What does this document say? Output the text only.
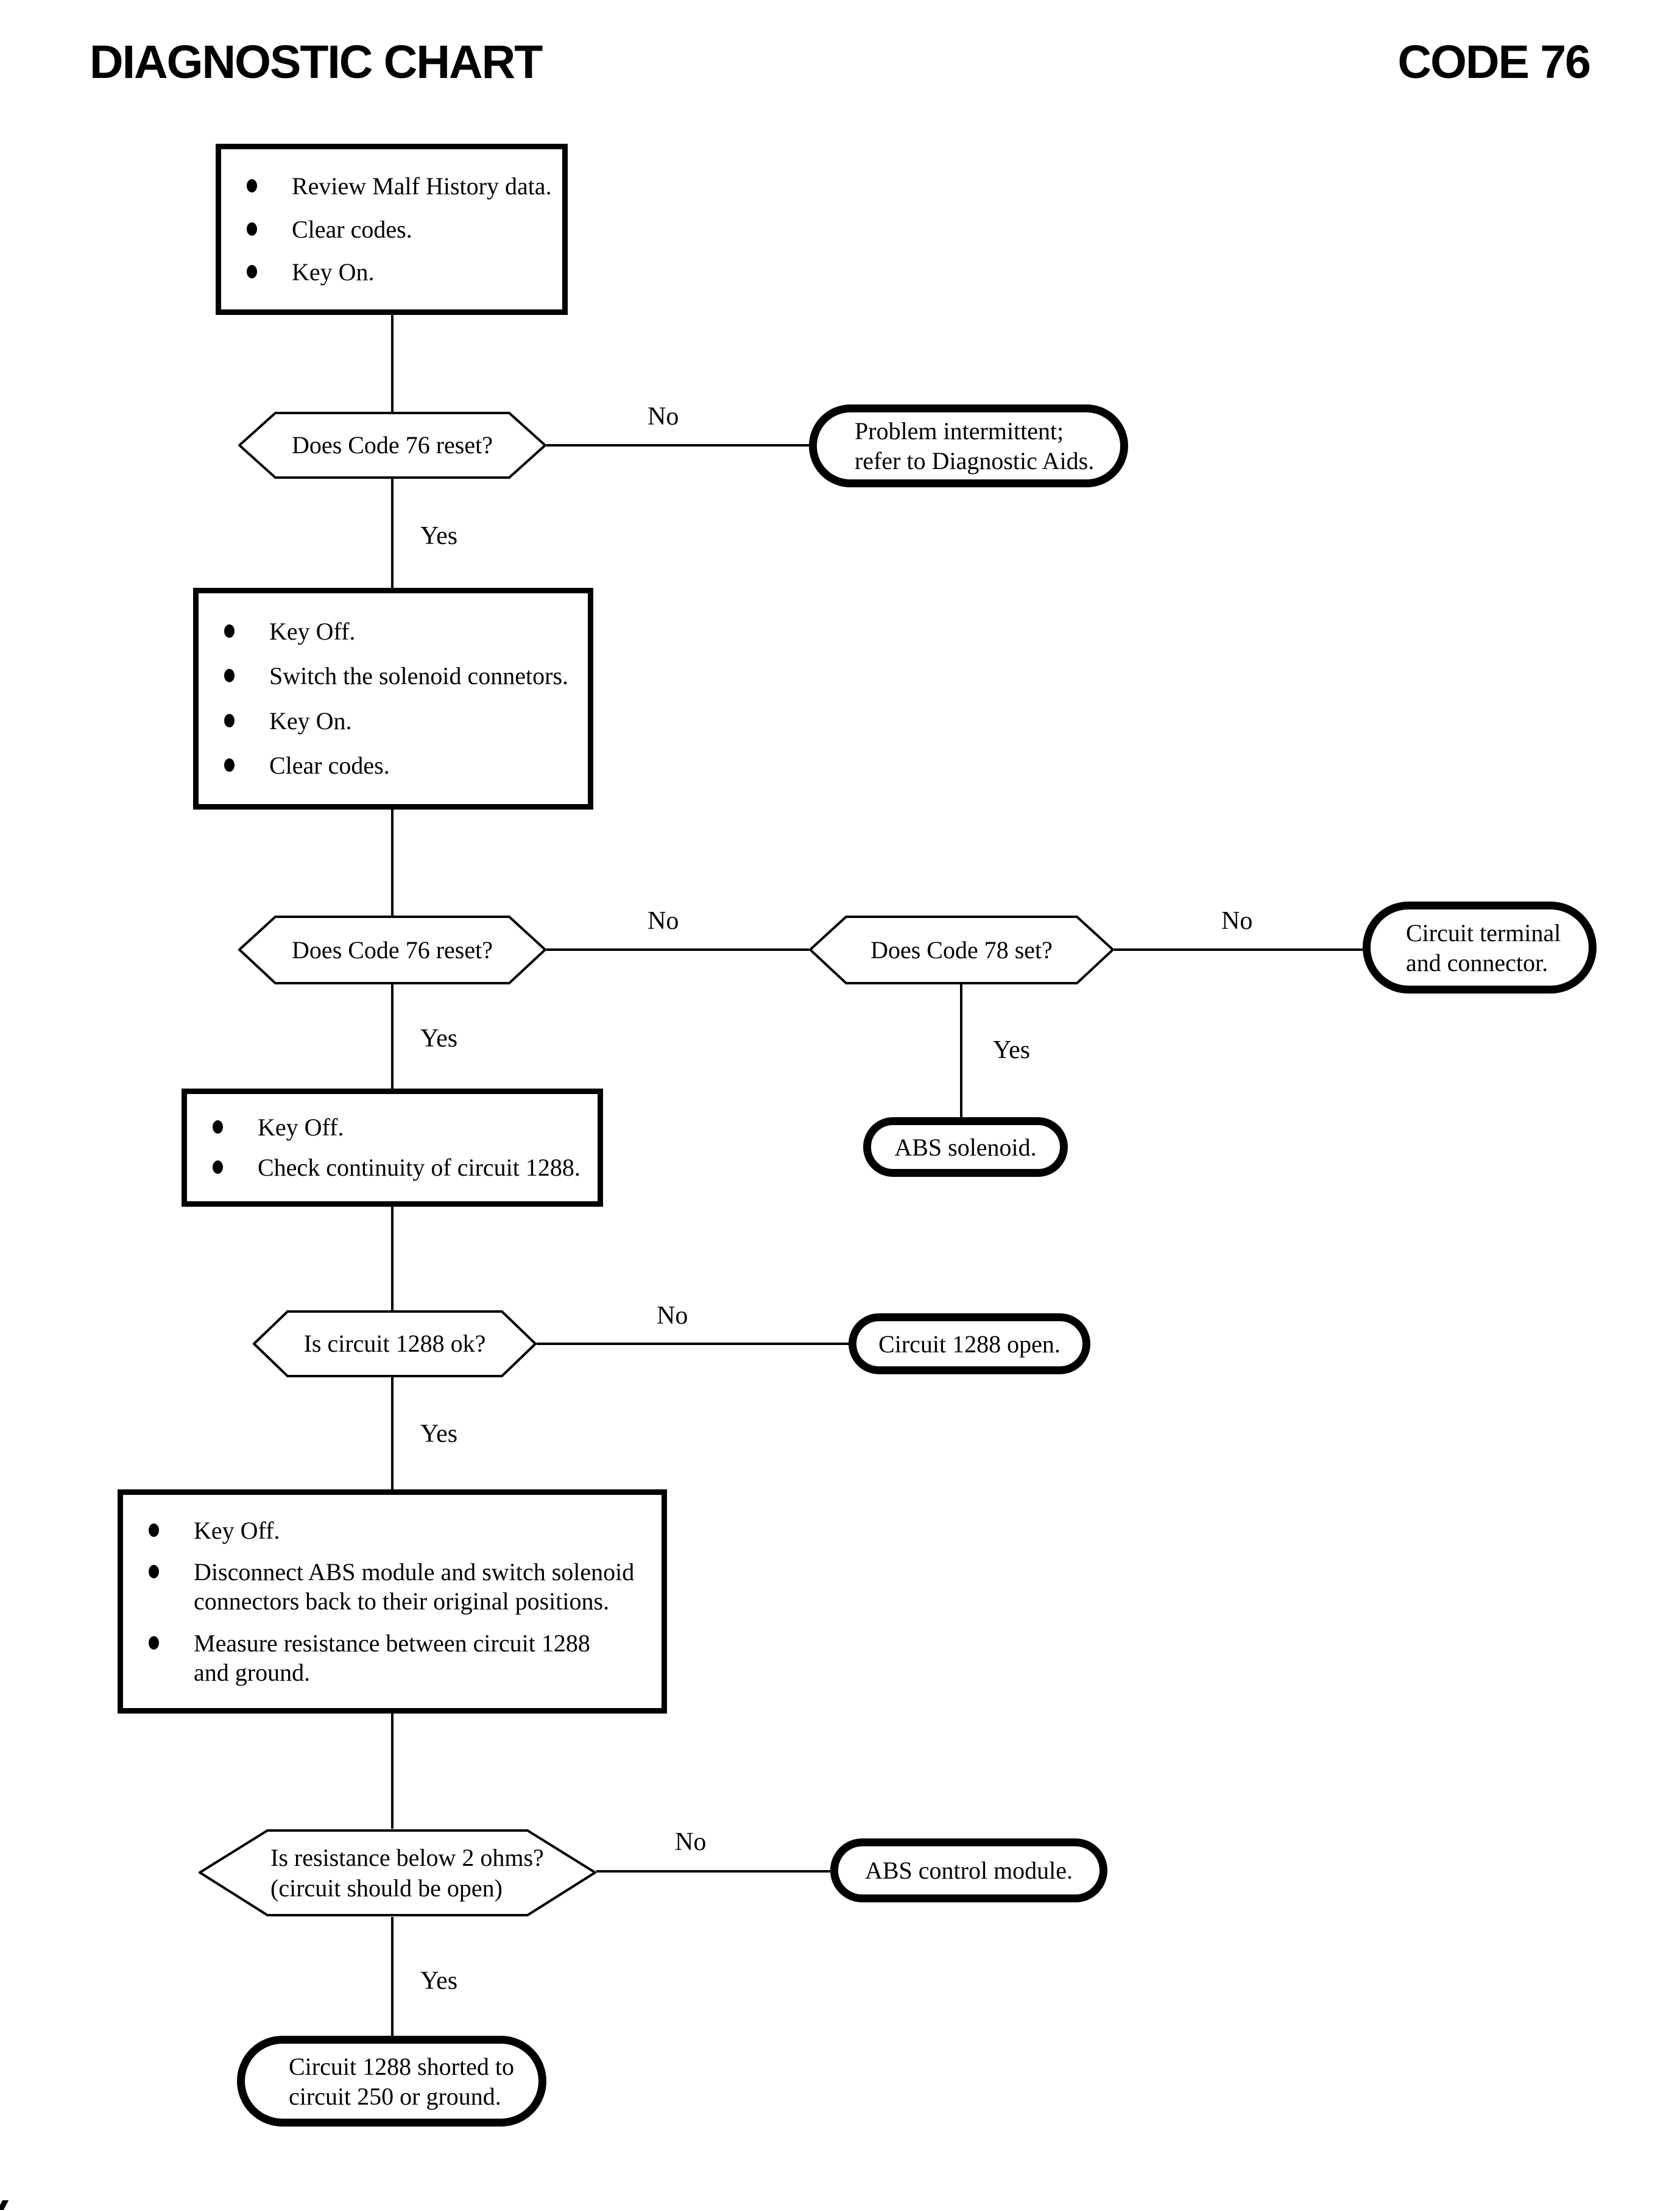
DIAGNOSTIC CHART	CODE 76
Review Malf History data.
Clear codes.
Key On.
Does Code 76 reset?
No
Problem intermittent;
refer to Diagnostic Aids.
Yes
Key Off.
Switch the solenoid connetors.
Key On.
Clear codes.
Does Code 76 reset?
No
Does Code 78 set?
No	Circuit terminal
and connector.
Yes
ABS solenoid.
Yes
Key Off.
Check continuity of circuit 1288.
Is circuit 1288 ok?
No
Circuit 1288 open.
Yes
Key Off.
Disconnect ABS module and switch solenoid
connectors back to their original positions.
Measure resistance between circuit 1288
and ground.
Is resistance below 2 ohms?
(circuit should be open)
No
ABS control module.
Yes
Circuit 1288 shorted to
circuit 250 or ground.
